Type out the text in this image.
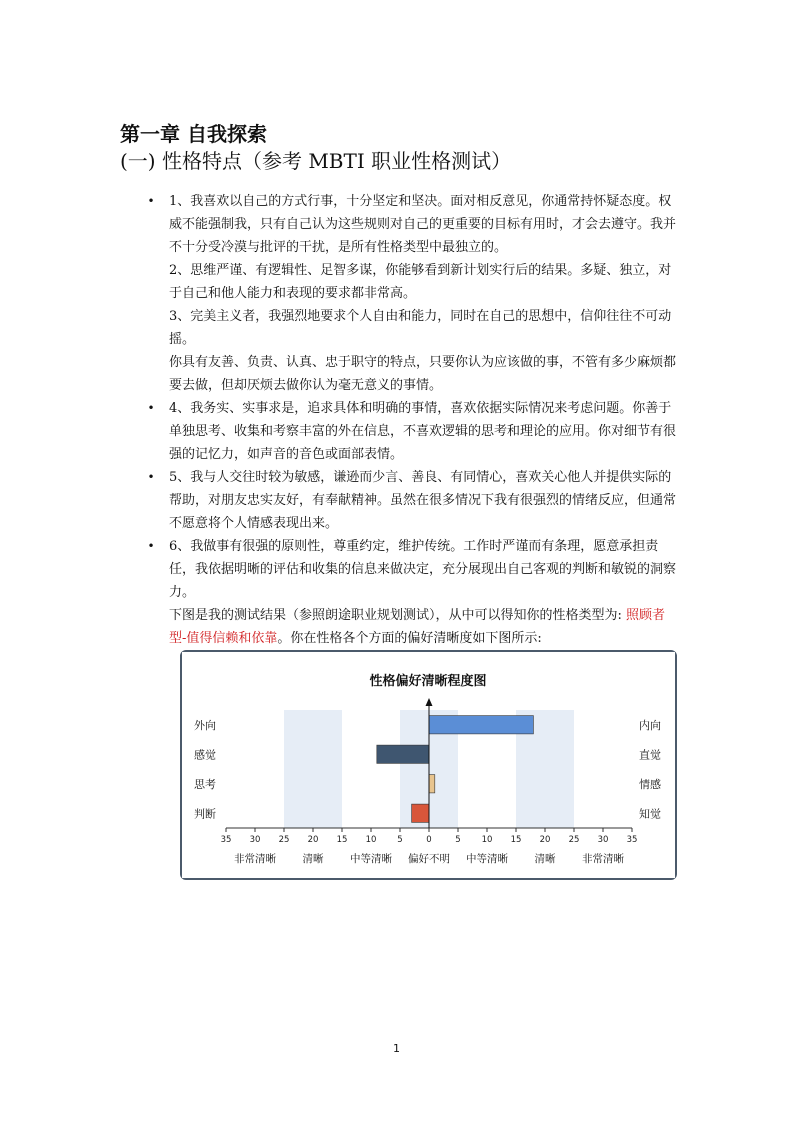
第一章 自我探索
(一) 性格特点（参考 MBTI 职业性格测试）
• 1、我喜欢以自己的方式行事，十分坚定和坚决。面对相反意见，你通常持怀疑态度。权威不能强制我，只有自己认为这些规则对自己的更重要的目标有用时，才会去遵守。我并不十分受冷漠与批评的干扰，是所有性格类型中最独立的。

2、思维严谨、有逻辑性、足智多谋，你能够看到新计划实行后的结果。多疑、独立，对于自己和他人能力和表现的要求都非常高。

3、完美主义者，我强烈地要求个人自由和能力，同时在自己的思想中，信仰往往不可动摇。

你具有友善、负责、认真、忠于职守的特点，只要你认为应该做的事，不管有多少麻烦都要去做，但却厌烦去做你认为毫无意义的事情。

• 4、我务实、实事求是，追求具体和明确的事情，喜欢依据实际情况来考虑问题。你善于单独思考、收集和考察丰富的外在信息，不喜欢逻辑的思考和理论的应用。你对细节有很强的记忆力，如声音的音色或面部表情。

• 5、我与人交往时较为敏感，谦逊而少言、善良、有同情心，喜欢关心他人并提供实际的帮助，对朋友忠实友好，有奉献精神。虽然在很多情况下我有很强烈的情绪反应，但通常不愿意将个人情感表现出来。

• 6、我做事有很强的原则性，尊重约定，维护传统。工作时严谨而有条理，愿意承担责任，我依据明晰的评估和收集的信息来做决定，充分展现出自己客观的判断和敏锐的洞察力。

下图是我的测试结果（参照朗途职业规划测试），从中可以得知你的性格类型为: 照顾者型-值得信赖和依靠。你在性格各个方面的偏好清晰度如下图所示:

性格偏好清晰程度图
外向	内向
感觉	直觉
思考	情感
判断	知觉
35 30 25 20 15 10 5	0	5 10 15 20 25 30 35
非常清晰	清晰	中等清晰 偏好不明 中等清晰	清晰	非常清晰
1
